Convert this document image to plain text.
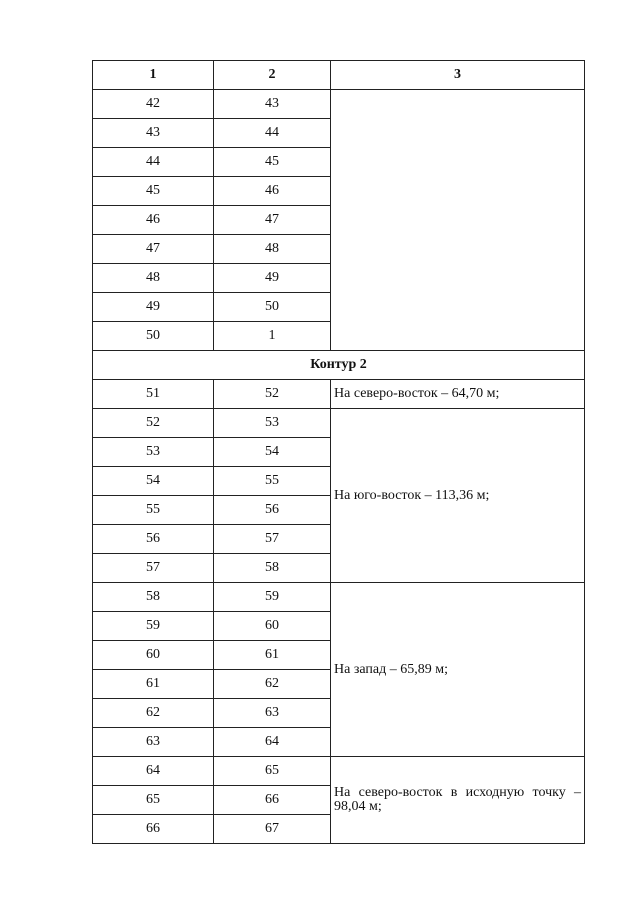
1	2	3
42	43	
43	44	
44	45	
45	46	
46	47	
47	48	
48	49	
49	50	
50	1	
Контур 2		
51	52	На северо-восток – 64,70 м;
52	53	На юго-восток – 113,36 м;
53	54	
54	55	
55	56	
56	57	
57	58	
58	59	На запад – 65,89 м;
59	60	
60	61	
61	62	
62	63	
63	64	
64	65	На северо-восток в исходную точку – 98,04 м;
65	66	
66	67	
